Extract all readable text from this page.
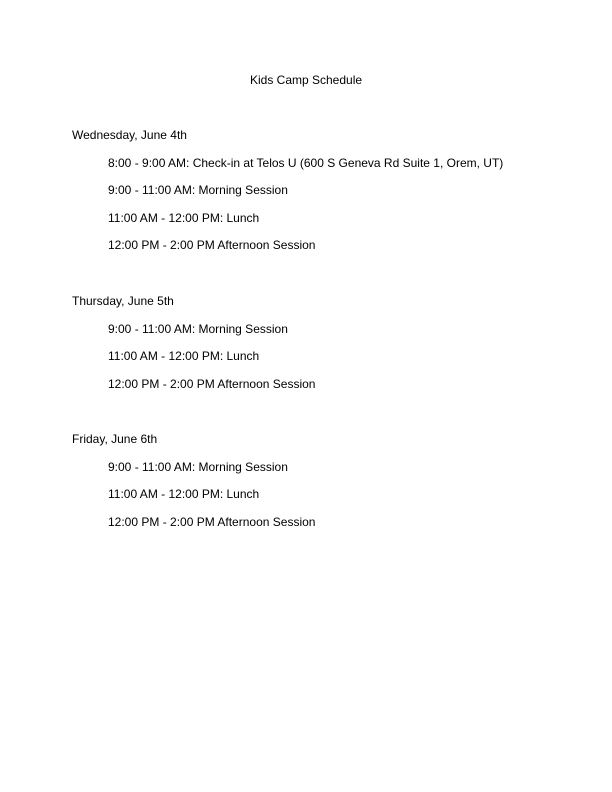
Kids Camp Schedule
Wednesday, June 4th
8:00 - 9:00 AM: Check-in at Telos U (600 S Geneva Rd Suite 1, Orem, UT)
9:00 - 11:00 AM: Morning Session
11:00 AM - 12:00 PM: Lunch
12:00 PM - 2:00 PM Afternoon Session
Thursday, June 5th
9:00 - 11:00 AM: Morning Session
11:00 AM - 12:00 PM: Lunch
12:00 PM - 2:00 PM Afternoon Session
Friday, June 6th
9:00 - 11:00 AM: Morning Session
11:00 AM - 12:00 PM: Lunch
12:00 PM - 2:00 PM Afternoon Session
